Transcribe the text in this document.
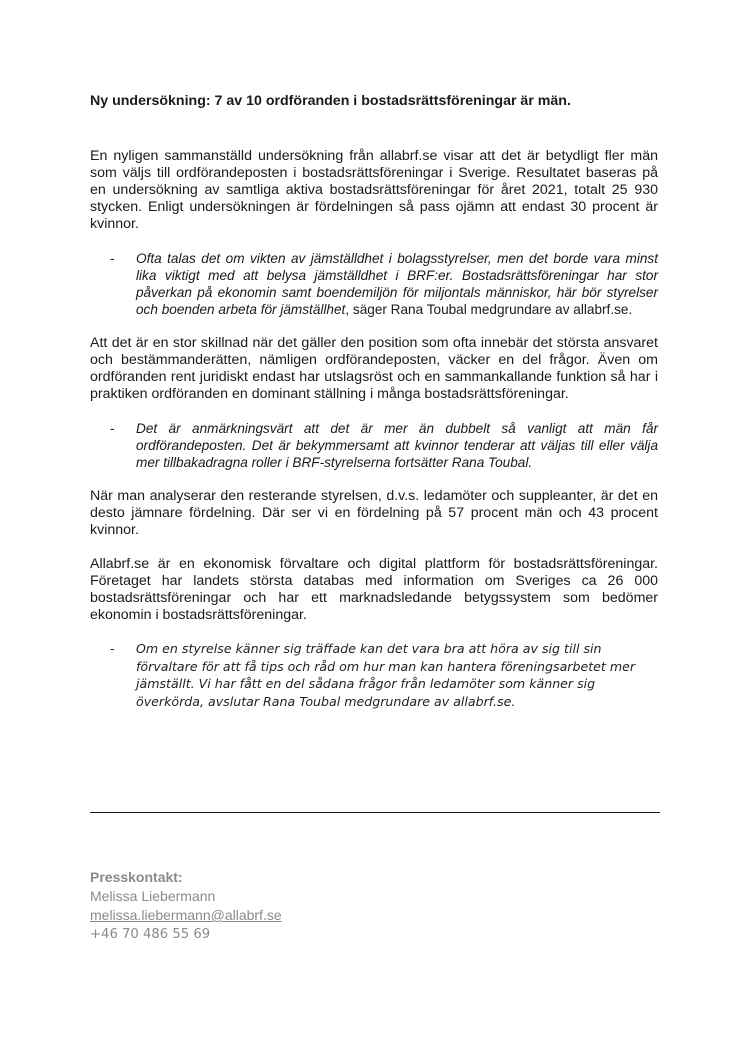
Ny undersökning: 7 av 10 ordföranden i bostadsrättsföreningar är män.

En nyligen sammanställd undersökning från allabrf.se visar att det är betydligt fler män som väljs till ordförandeposten i bostadsrättsföreningar i Sverige. Resultatet baseras på en undersökning av samtliga aktiva bostadsrättsföreningar för året 2021, totalt 25 930 stycken. Enligt undersökningen är fördelningen så pass ojämn att endast 30 procent är kvinnor.

- Ofta talas det om vikten av jämställdhet i bolagsstyrelser, men det borde vara minst lika viktigt med att belysa jämställdhet i BRF:er. Bostadsrättsföreningar har stor påverkan på ekonomin samt boendemiljön för miljontals människor, här bör styrelser och boenden arbeta för jämställhet, säger Rana Toubal medgrundare av allabrf.se.

Att det är en stor skillnad när det gäller den position som ofta innebär det största ansvaret och bestämmanderätten, nämligen ordförandeposten, väcker en del frågor. Även om ordföranden rent juridiskt endast har utslagsröst och en sammankallande funktion så har i praktiken ordföranden en dominant ställning i många bostadsrättsföreningar.

- Det är anmärkningsvärt att det är mer än dubbelt så vanligt att män får ordförandeposten. Det är bekymmersamt att kvinnor tenderar att väljas till eller välja mer tillbakadragna roller i BRF-styrelserna fortsätter Rana Toubal.

När man analyserar den resterande styrelsen, d.v.s. ledamöter och suppleanter, är det en desto jämnare fördelning. Där ser vi en fördelning på 57 procent män och 43 procent kvinnor.

Allabrf.se är en ekonomisk förvaltare och digital plattform för bostadsrättsföreningar. Företaget har landets största databas med information om Sveriges ca 26 000 bostadsrättsföreningar och har ett marknadsledande betygssystem som bedömer ekonomin i bostadsrättsföreningar.

- Om en styrelse känner sig träffade kan det vara bra att höra av sig till sin förvaltare för att få tips och råd om hur man kan hantera föreningsarbetet mer jämställt. Vi har fått en del sådana frågor från ledamöter som känner sig överkörda, avslutar Rana Toubal medgrundare av allabrf.se.
Presskontakt:
Melissa Liebermann
melissa.liebermann@allabrf.se
+46 70 486 55 69
